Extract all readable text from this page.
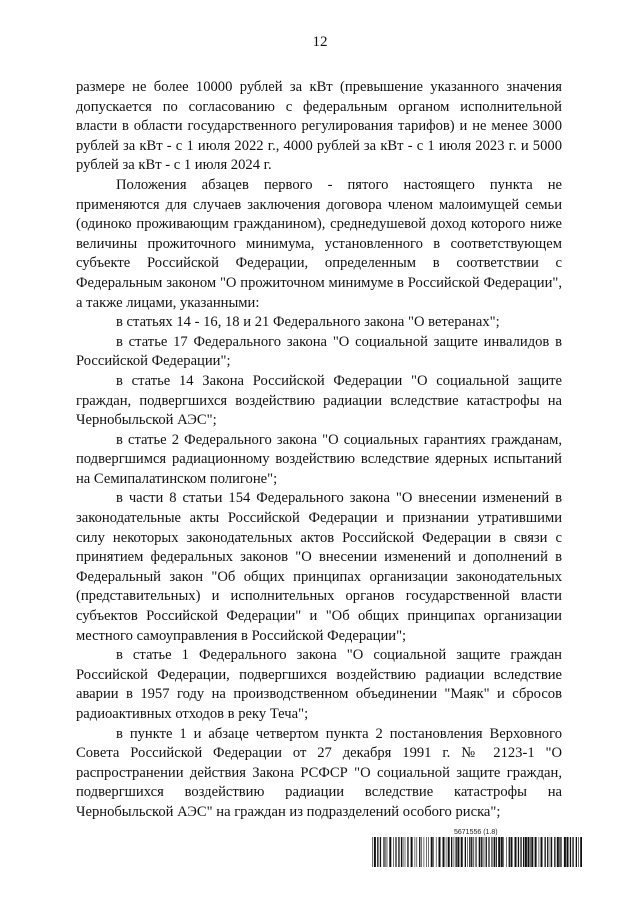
12

размере не более 10000 рублей за кВт (превышение указанного значения допускается по согласованию с федеральным органом исполнительной власти в области государственного регулирования тарифов) и не менее 3000 рублей за кВт - с 1 июля 2022 г., 4000 рублей за кВт - с 1 июля 2023 г. и 5000 рублей за кВт - с 1 июля 2024 г.

Положения абзацев первого - пятого настоящего пункта не применяются для случаев заключения договора членом малоимущей семьи (одиноко проживающим гражданином), среднедушевой доход которого ниже величины прожиточного минимума, установленного в соответствующем субъекте Российской Федерации, определенным в соответствии с Федеральным законом "О прожиточном минимуме в Российской Федерации", а также лицами, указанными:

в статьях 14 - 16, 18 и 21 Федерального закона "О ветеранах";

в статье 17 Федерального закона "О социальной защите инвалидов в Российской Федерации";

в статье 14 Закона Российской Федерации "О социальной защите граждан, подвергшихся воздействию радиации вследствие катастрофы на Чернобыльской АЭС";

в статье 2 Федерального закона "О социальных гарантиях гражданам, подвергшимся радиационному воздействию вследствие ядерных испытаний на Семипалатинском полигоне";

в части 8 статьи 154 Федерального закона "О внесении изменений в законодательные акты Российской Федерации и признании утратившими силу некоторых законодательных актов Российской Федерации в связи с принятием федеральных законов "О внесении изменений и дополнений в Федеральный закон "Об общих принципах организации законодательных (представительных) и исполнительных органов государственной власти субъектов Российской Федерации" и "Об общих принципах организации местного самоуправления в Российской Федерации";

в статье 1 Федерального закона "О социальной защите граждан Российской Федерации, подвергшихся воздействию радиации вследствие аварии в 1957 году на производственном объединении "Маяк" и сбросов радиоактивных отходов в реку Теча";

в пункте 1 и абзаце четвертом пункта 2 постановления Верховного Совета Российской Федерации от 27 декабря 1991 г. № 2123-1 "О распространении действия Закона РСФСР "О социальной защите граждан, подвергшихся воздействию радиации вследствие катастрофы на Чернобыльской АЭС" на граждан из подразделений особого риска";

5671556 (1.8)
